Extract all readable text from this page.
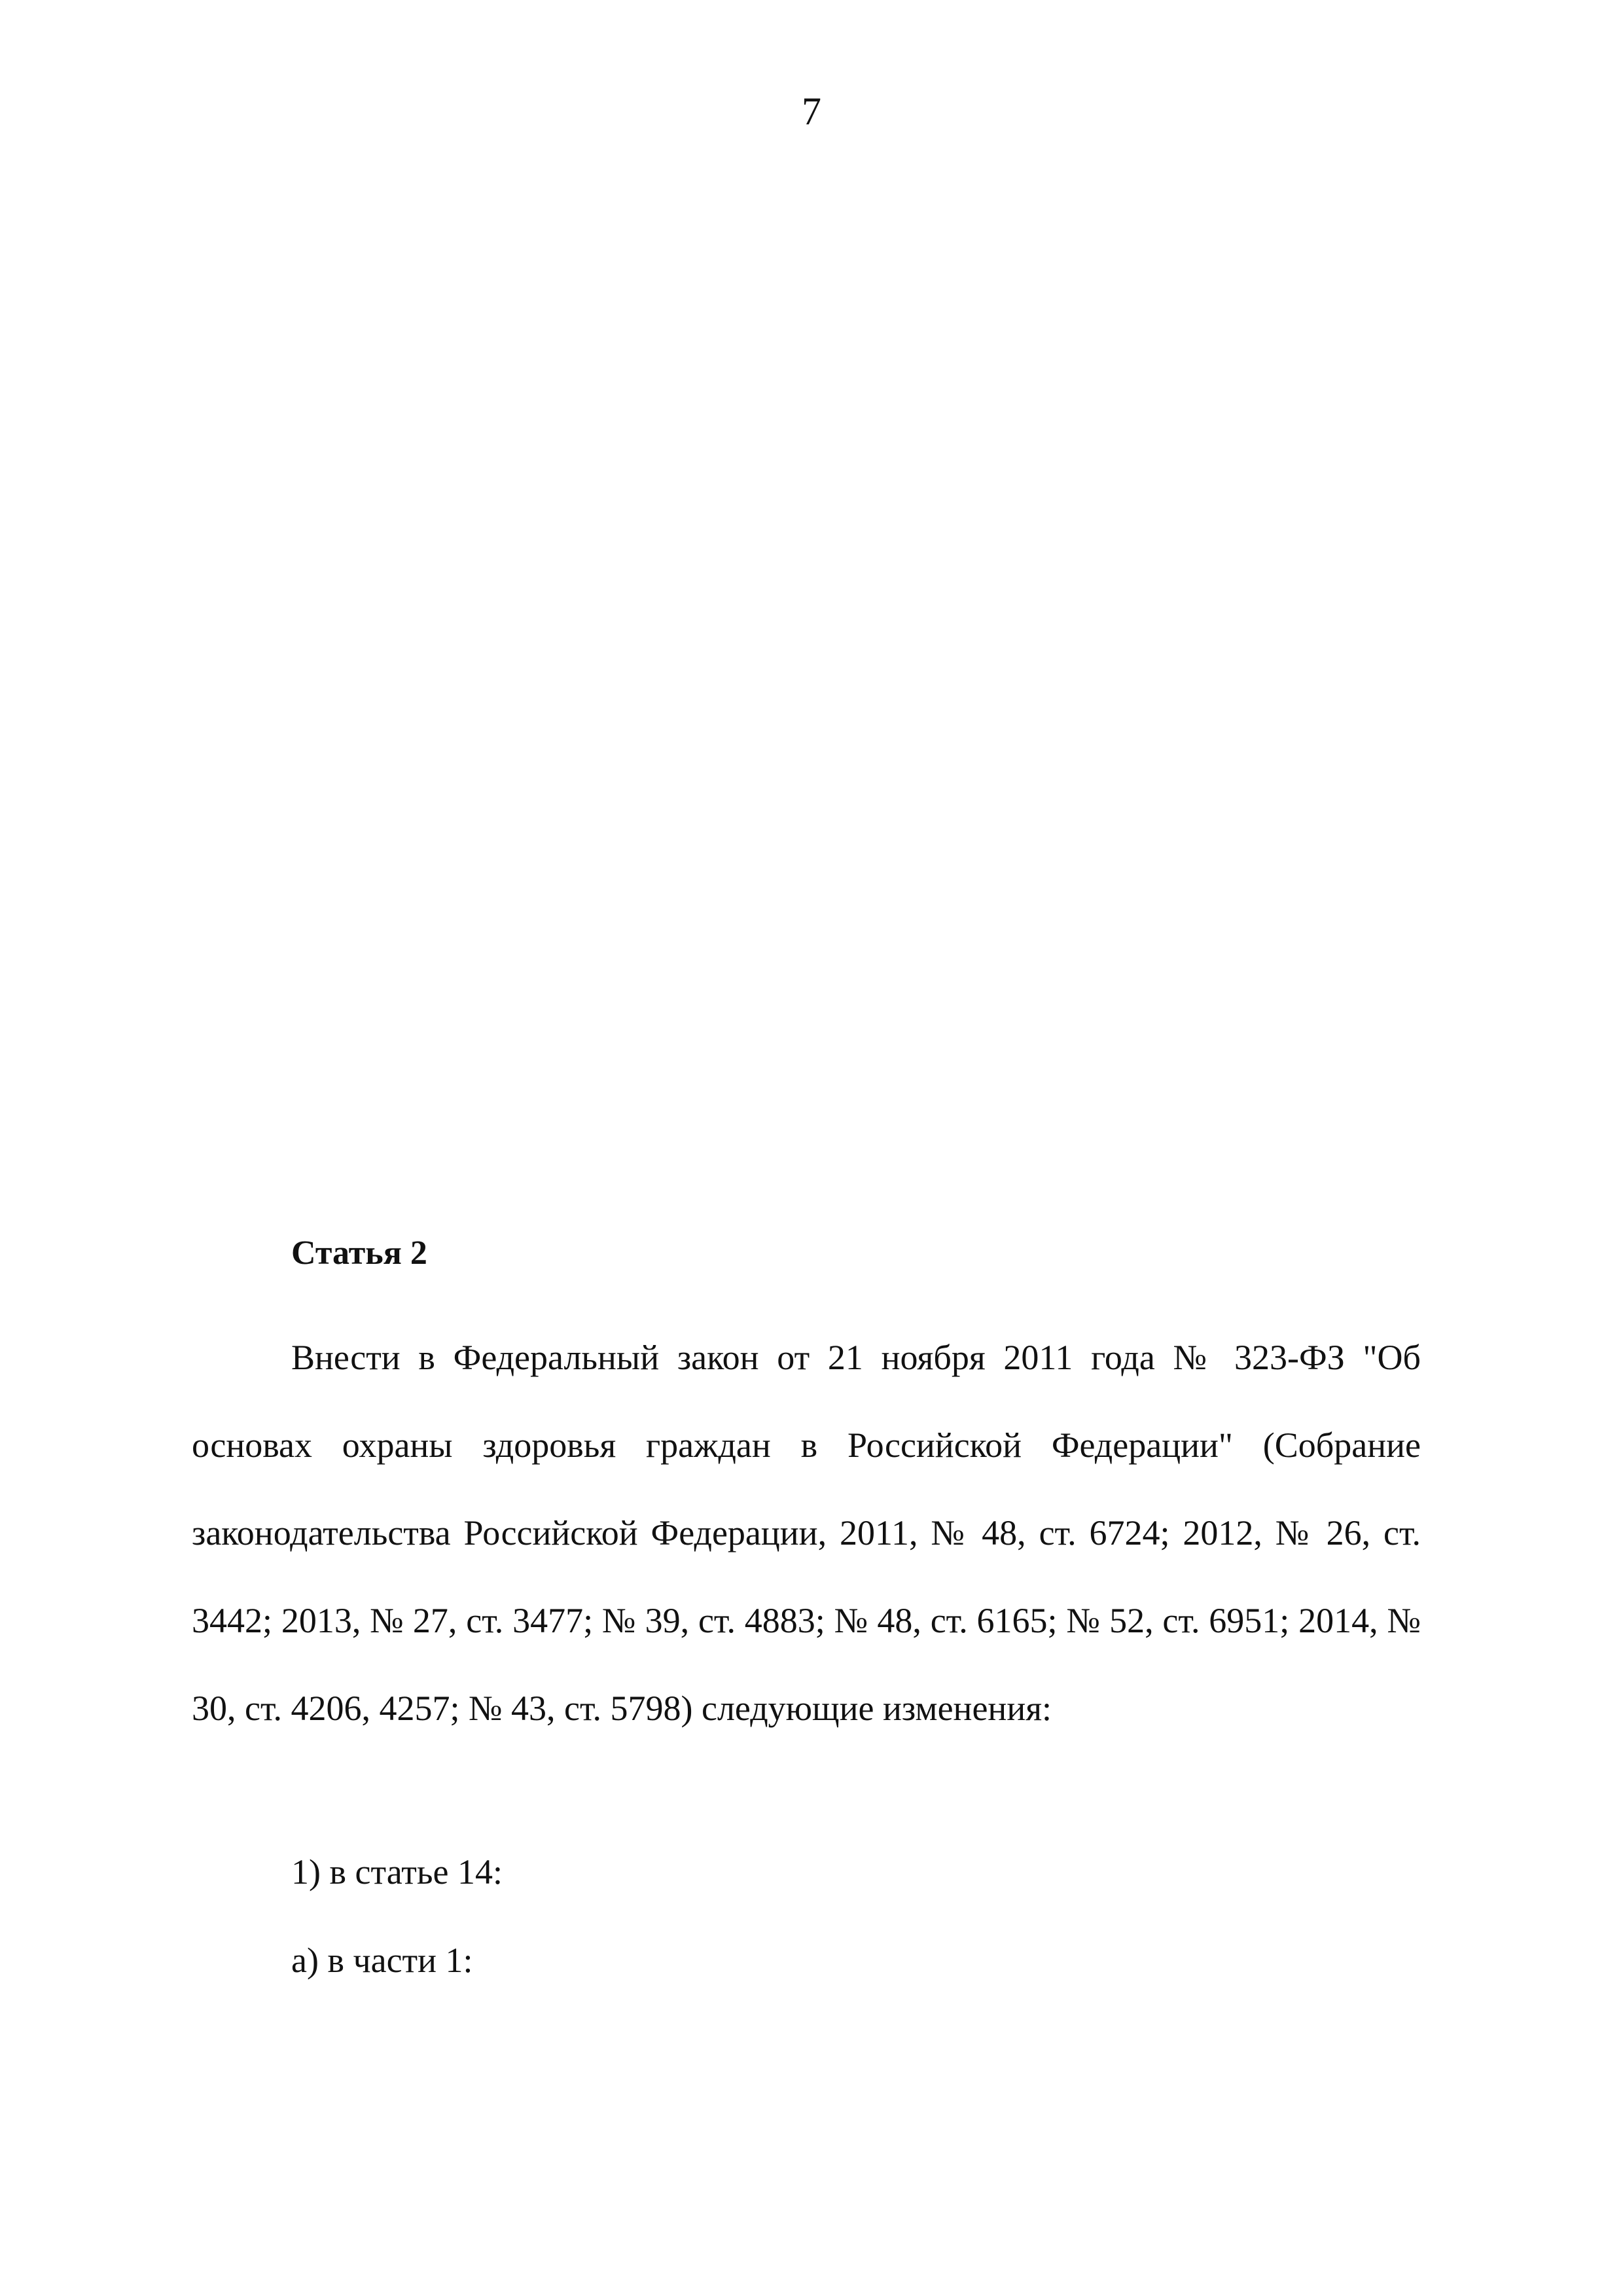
7
Статья 2

Внести в Федеральный закон от 21 ноября 2011 года № 323-ФЗ "Об основах охраны здоровья граждан в Российской Федерации" (Собрание законодательства Российской Федерации, 2011, № 48, ст. 6724; 2012, № 26, ст. 3442; 2013, № 27, ст. 3477; № 39, ст. 4883; № 48, ст. 6165; № 52, ст. 6951; 2014, № 30, ст. 4206, 4257; № 43, ст. 5798) следующие изменения:

1) в статье 14:
а) в части 1:
